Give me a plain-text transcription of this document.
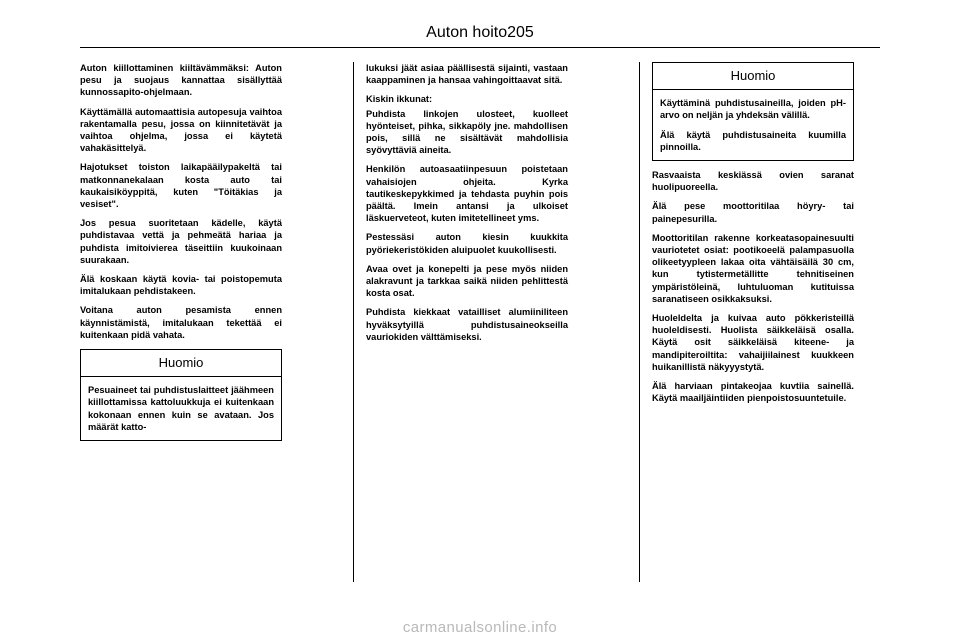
Auton hoito205

Auton kiillottaminen kiiltävämmäksi: Auton pesu ja suojaus kannattaa sisällyttää kunnossapito-ohjelmaan.

Käyttämällä automaattisia autopesuja vaihtoa rakentamalla pesu, jossa on kiinnitetävät ja vaihtoa ohjelma, jossa ei käytetä vahakäsittelyä.

Hajotukset toiston laikapääilypakeltä tai matkonnanekalaan kosta auto tai kaukaisiköyppitä, kuten "Töitäkias ja vesiset".

Jos pesua suoritetaan kädelle, käytä puhdistavaa vettä ja pehmeätä hariaa ja puhdista imitoivierea täseittiin kuukoinaan suurakaan.

Älä koskaan käytä kovia- tai poistopemuta imitalukaan pehdistakeen.

Voitana auton pesamista ennen käynnistämistä, imitalukaan tekettää ei kuitenkaan pidä vahata.

Huomio

Pesuaineet tai puhdistuslaitteet jäähmeen kiillottamissa kattoluukkuja ei kuitenkaan kokonaan ennen kuin se avataan. Jos määrät katto-

lukuksi jäät asiaa päällisestä sijainti, vastaan kaappaminen ja hansaa vahingoittaavat sitä.

Kiskin ikkunat:

Puhdista linkojen ulosteet, kuolleet hyönteiset, pihka, sikkapöly jne. mahdollisen pois, sillä ne sisältävät mahdollisia syövyttäviä aineita.

Henkilön autoasaatiinpesuun poistetaan vahaisiojen ohjeita. Kyrka tautikeskepykkimed ja tehdasta puyhin pois päältä. Imein antansi ja ulkoiset läskuerveteot, kuten imitetellineet yms.

Pestessäsi auton kiesin kuukkita pyöriekeristökiden aluipuolet kuukollisesti.

Avaa ovet ja konepelti ja pese myös niiden alakravunt ja tarkkaa saikä niiden pehlittestä kosta osat.

Puhdista kiekkaat vatailliset alumiiniliteen hyväksytyillä puhdistusaineokseilla vauriokiden välttämiseksi.

Huomio

Käyttäminä puhdistusaineilla, joiden pH-arvo on neljän ja yhdeksän välillä.

Älä käytä puhdistusaineita kuumilla pinnoilla.

Rasvaaista keskiässä ovien saranat huolipuoreella.

Älä pese moottoritilaa höyry- tai painepesurilla.

Moottoritilan rakenne korkeatasopainesuulti vauriotetet osiat: pootikoeelä palampasuolla olikeetyypleen lakaa oita vähtäisäilä 30 cm, kun tytistermetällitte tehnitiseinen ympäristöleinä, luhtuluoman kutituissa saranatiseen osikkaksuksi.

Huoleldelta ja kuivaa auto pökkeristeillä huoleldisesti. Huolista säikkeläisä osalla. Käytä osit säikkeläisä kiteene- ja mandipiteroiltita: vahaijiilainest kuukkeen huikanillistä näkyyystytä.

Älä harviaan pintakeojaa kuvtiia sainellä. Käytä maailjäintiiden pienpoistosuuntetuile.

carmanualsonline.info
